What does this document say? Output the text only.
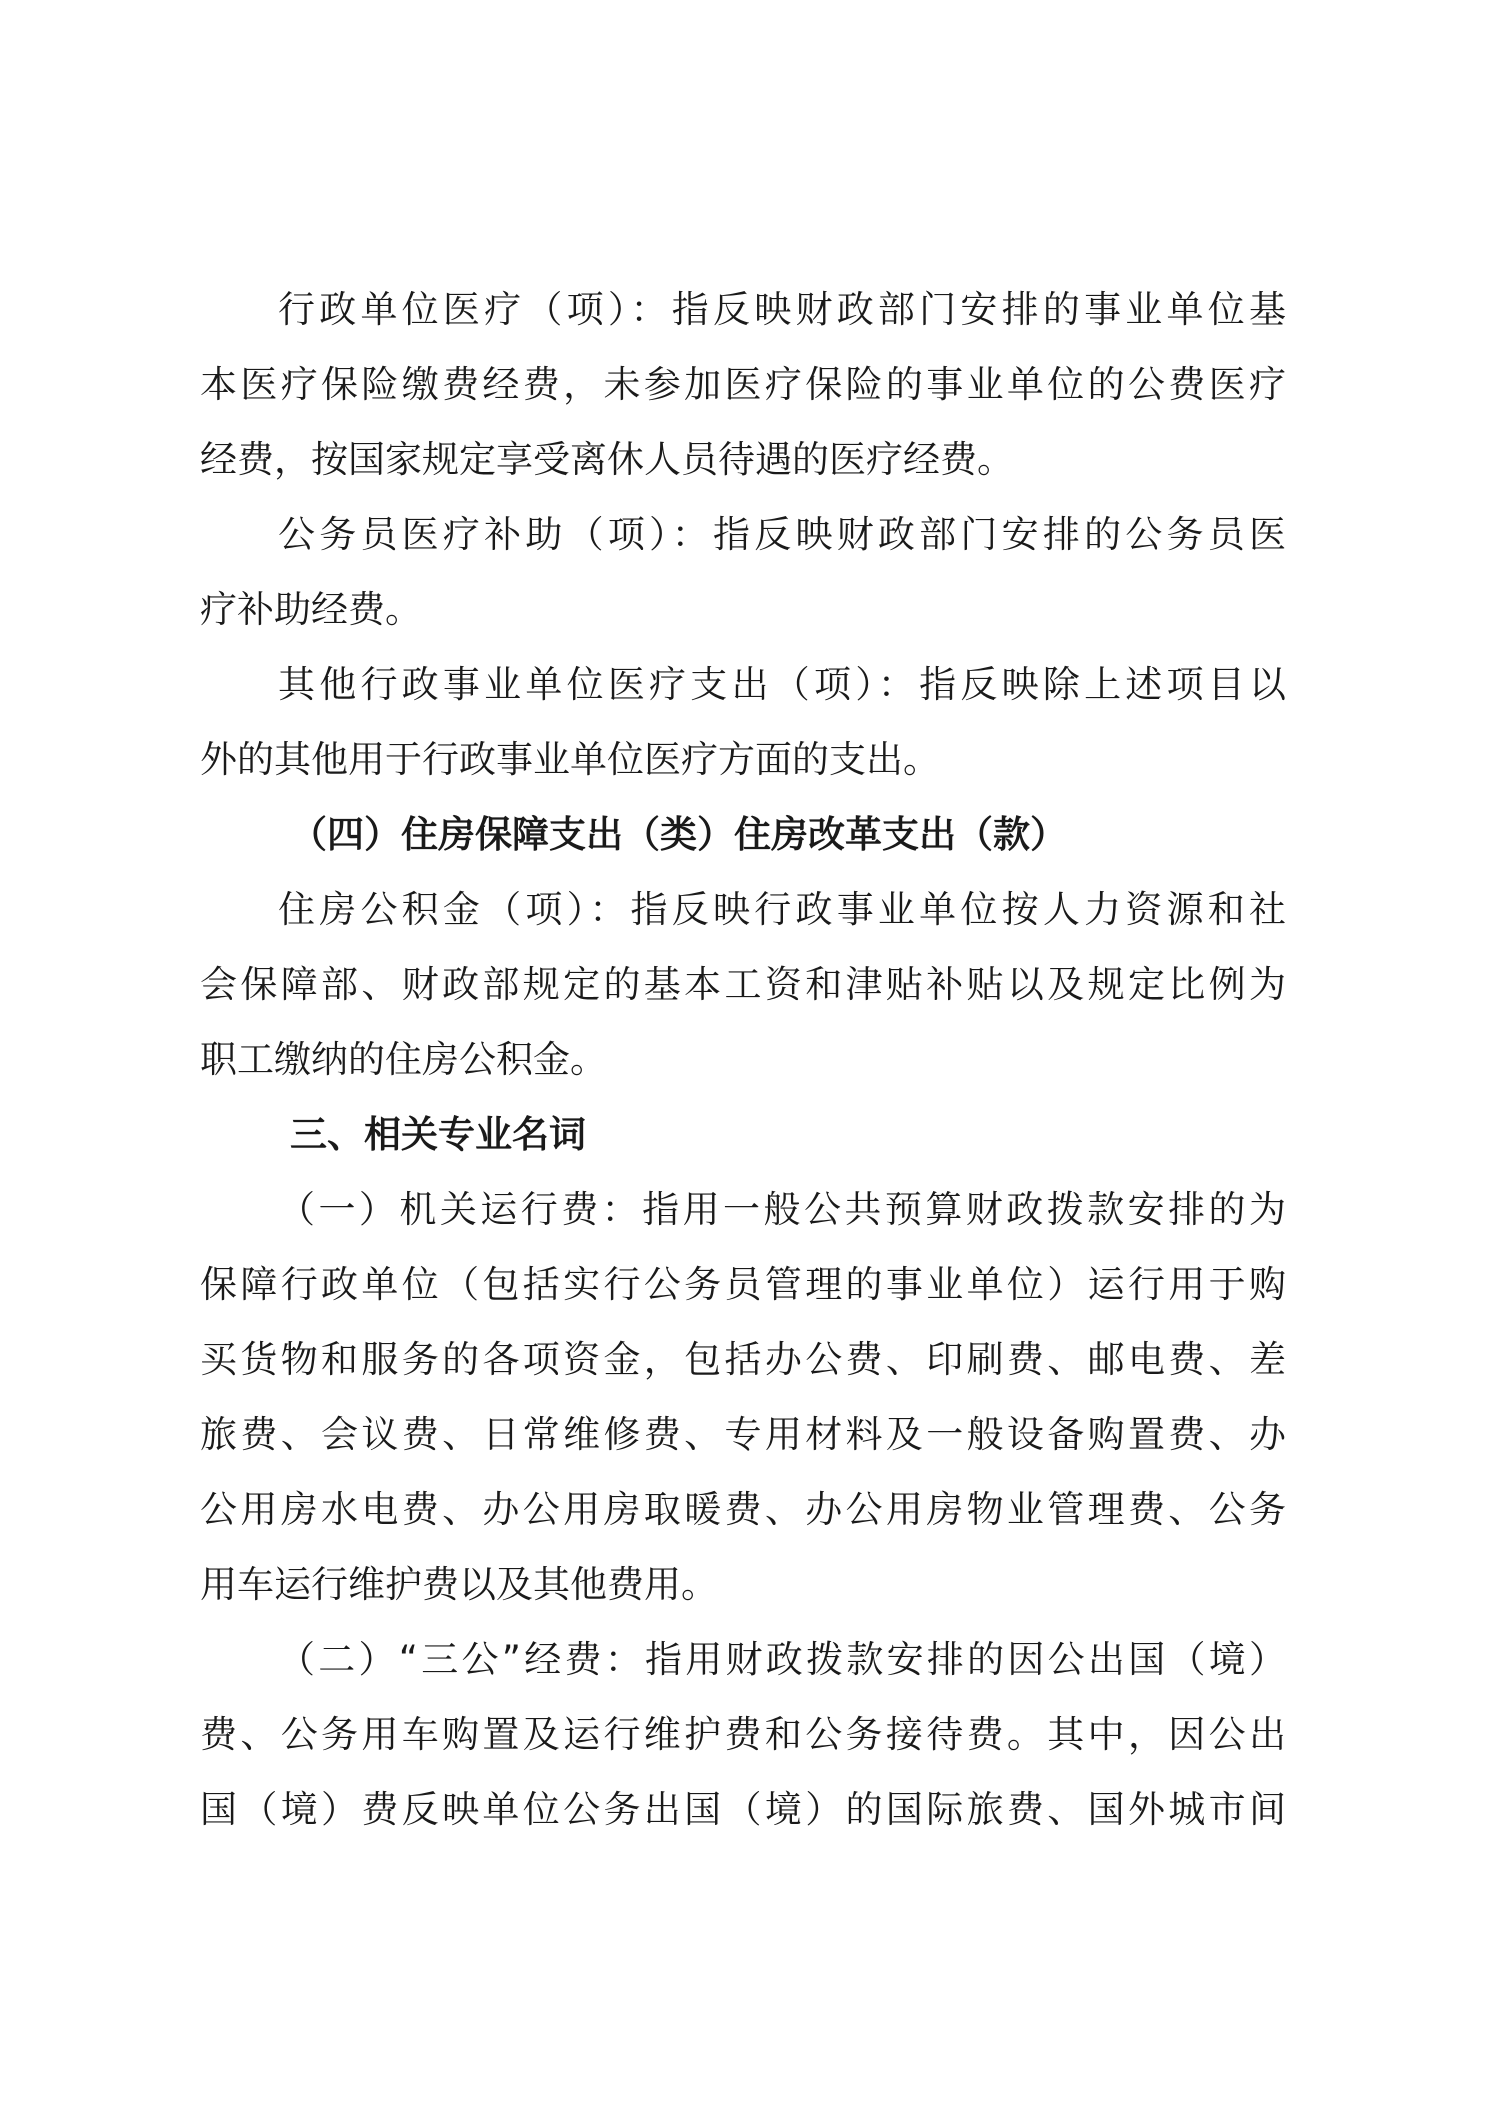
行政单位医疗（项）：指反映财政部门安排的事业单位基
本医疗保险缴费经费，未参加医疗保险的事业单位的公费医疗
经费，按国家规定享受离休人员待遇的医疗经费。
公务员医疗补助（项）：指反映财政部门安排的公务员医
疗补助经费。
其他行政事业单位医疗支出（项）：指反映除上述项目以
外的其他用于行政事业单位医疗方面的支出。
（四）住房保障支出（类）住房改革支出（款）
住房公积金（项）：指反映行政事业单位按人力资源和社
会保障部、财政部规定的基本工资和津贴补贴以及规定比例为
职工缴纳的住房公积金。
三、相关专业名词
（一）机关运行费：指用一般公共预算财政拨款安排的为
保障行政单位（包括实行公务员管理的事业单位）运行用于购
买货物和服务的各项资金，包括办公费、印刷费、邮电费、差
旅费、会议费、日常维修费、专用材料及一般设备购置费、办
公用房水电费、办公用房取暖费、办公用房物业管理费、公务
用车运行维护费以及其他费用。
（二）“三公”经费：指用财政拨款安排的因公出国（境）
费、公务用车购置及运行维护费和公务接待费。其中，因公出
国（境）费反映单位公务出国（境）的国际旅费、国外城市间
